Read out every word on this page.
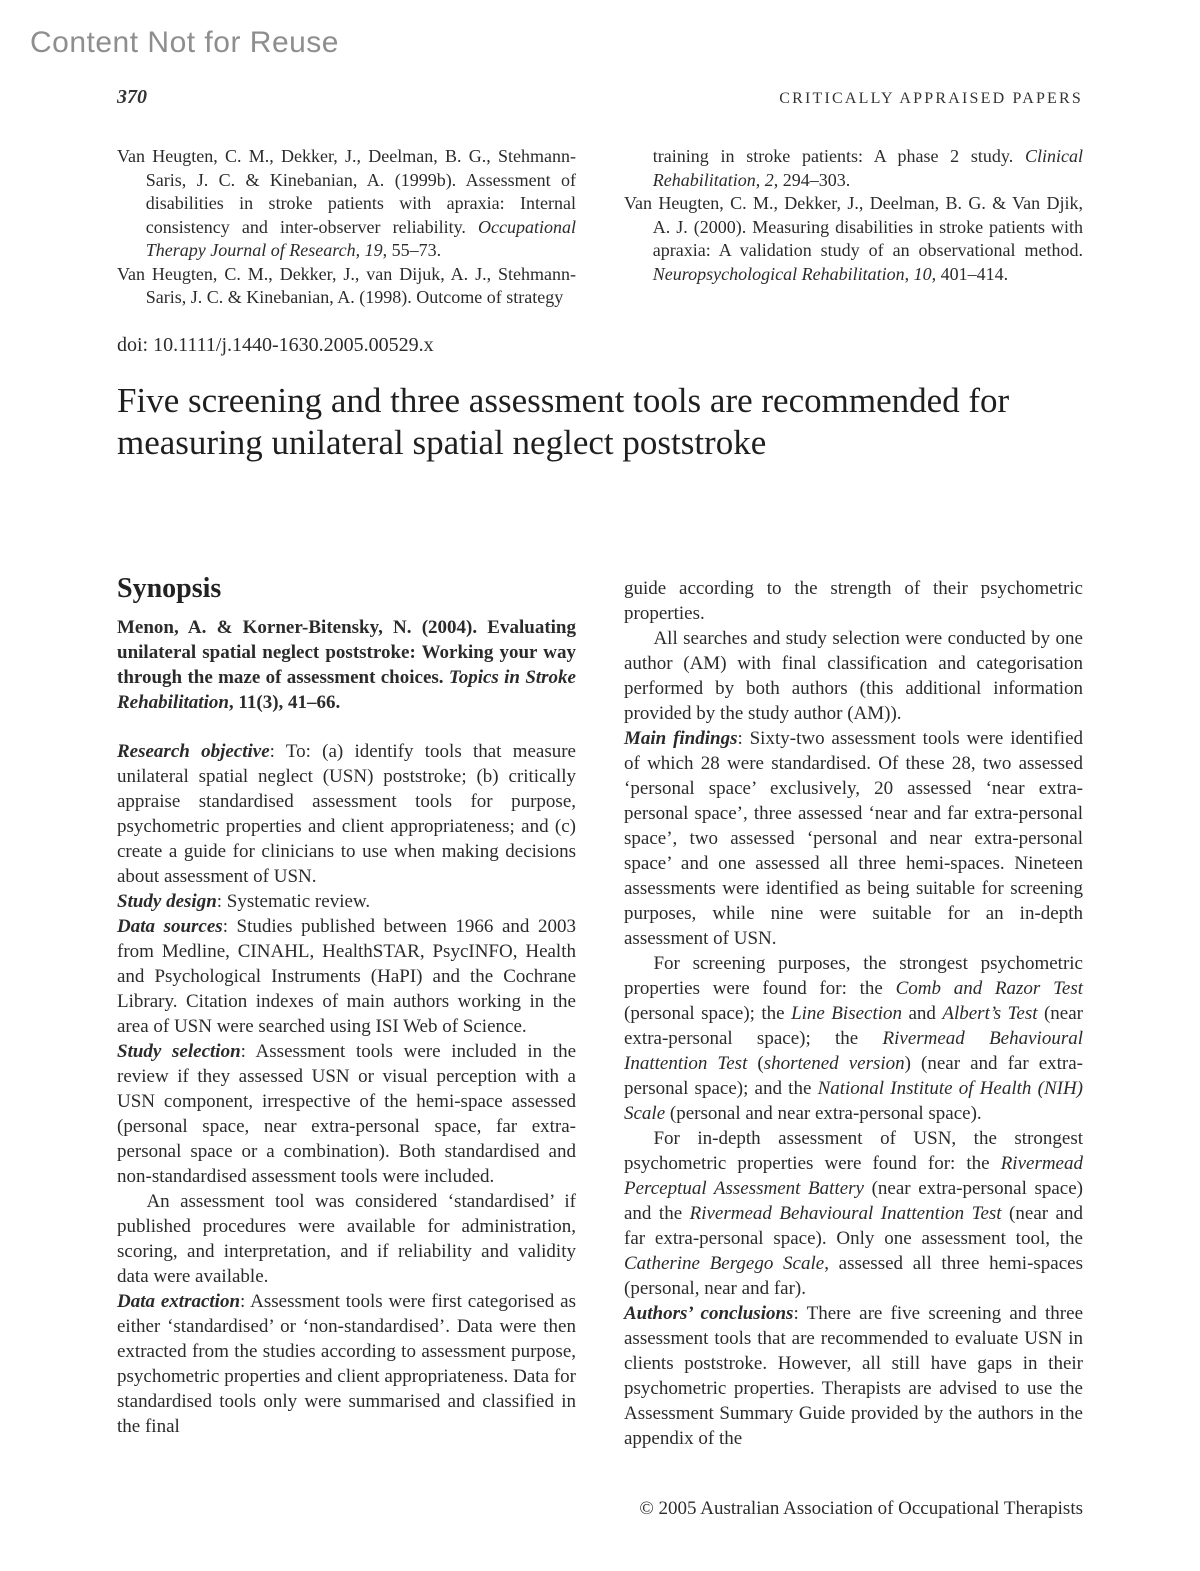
Content Not for Reuse
370	CRITICALLY APPRAISED PAPERS

Van Heugten, C. M., Dekker, J., Deelman, B. G., Stehmann-Saris, J. C. & Kinebanian, A. (1999b). Assessment of disabilities in stroke patients with apraxia: Internal consistency and inter-observer reliability. Occupational Therapy Journal of Research, 19, 55–73.

Van Heugten, C. M., Dekker, J., van Dijuk, A. J., Stehmann-Saris, J. C. & Kinebanian, A. (1998). Outcome of strategy

training in stroke patients: A phase 2 study. Clinical Rehabilitation, 2, 294–303.

Van Heugten, C. M., Dekker, J., Deelman, B. G. & Van Djik, A. J. (2000). Measuring disabilities in stroke patients with apraxia: A validation study of an observational method. Neuropsychological Rehabilitation, 10, 401–414.

doi: 10.1111/j.1440-1630.2005.00529.x
Five screening and three assessment tools are recommended for measuring unilateral spatial neglect poststroke
Synopsis

Menon, A. & Korner-Bitensky, N. (2004). Evaluating unilateral spatial neglect poststroke: Working your way through the maze of assessment choices. Topics in Stroke Rehabilitation, 11(3), 41–66.

Research objective: To: (a) identify tools that measure unilateral spatial neglect (USN) poststroke; (b) critically appraise standardised assessment tools for purpose, psychometric properties and client appropriateness; and (c) create a guide for clinicians to use when making decisions about assessment of USN.

Study design: Systematic review.

Data sources: Studies published between 1966 and 2003 from Medline, CINAHL, HealthSTAR, PsycINFO, Health and Psychological Instruments (HaPI) and the Cochrane Library. Citation indexes of main authors working in the area of USN were searched using ISI Web of Science.

Study selection: Assessment tools were included in the review if they assessed USN or visual perception with a USN component, irrespective of the hemi-space assessed (personal space, near extra-personal space, far extra-personal space or a combination). Both standardised and non-standardised assessment tools were included.

An assessment tool was considered ‘standardised’ if published procedures were available for administration, scoring, and interpretation, and if reliability and validity data were available.

Data extraction: Assessment tools were first categorised as either ‘standardised’ or ‘non-standardised’. Data were then extracted from the studies according to assessment purpose, psychometric properties and client appropriateness. Data for standardised tools only were summarised and classified in the final

guide according to the strength of their psychometric properties.

All searches and study selection were conducted by one author (AM) with final classification and categorisation performed by both authors (this additional information provided by the study author (AM)).

Main findings: Sixty-two assessment tools were identified of which 28 were standardised. Of these 28, two assessed ‘personal space’ exclusively, 20 assessed ‘near extra-personal space’, three assessed ‘near and far extra-personal space’, two assessed ‘personal and near extra-personal space’ and one assessed all three hemi-spaces. Nineteen assessments were identified as being suitable for screening purposes, while nine were suitable for an in-depth assessment of USN.

For screening purposes, the strongest psychometric properties were found for: the Comb and Razor Test (personal space); the Line Bisection and Albert’s Test (near extra-personal space); the Rivermead Behavioural Inattention Test (shortened version) (near and far extra-personal space); and the National Institute of Health (NIH) Scale (personal and near extra-personal space).

For in-depth assessment of USN, the strongest psychometric properties were found for: the Rivermead Perceptual Assessment Battery (near extra-personal space) and the Rivermead Behavioural Inattention Test (near and far extra-personal space). Only one assessment tool, the Catherine Bergego Scale, assessed all three hemi-spaces (personal, near and far).

Authors’ conclusions: There are five screening and three assessment tools that are recommended to evaluate USN in clients poststroke. However, all still have gaps in their psychometric properties. Therapists are advised to use the Assessment Summary Guide provided by the authors in the appendix of the

© 2005 Australian Association of Occupational Therapists
